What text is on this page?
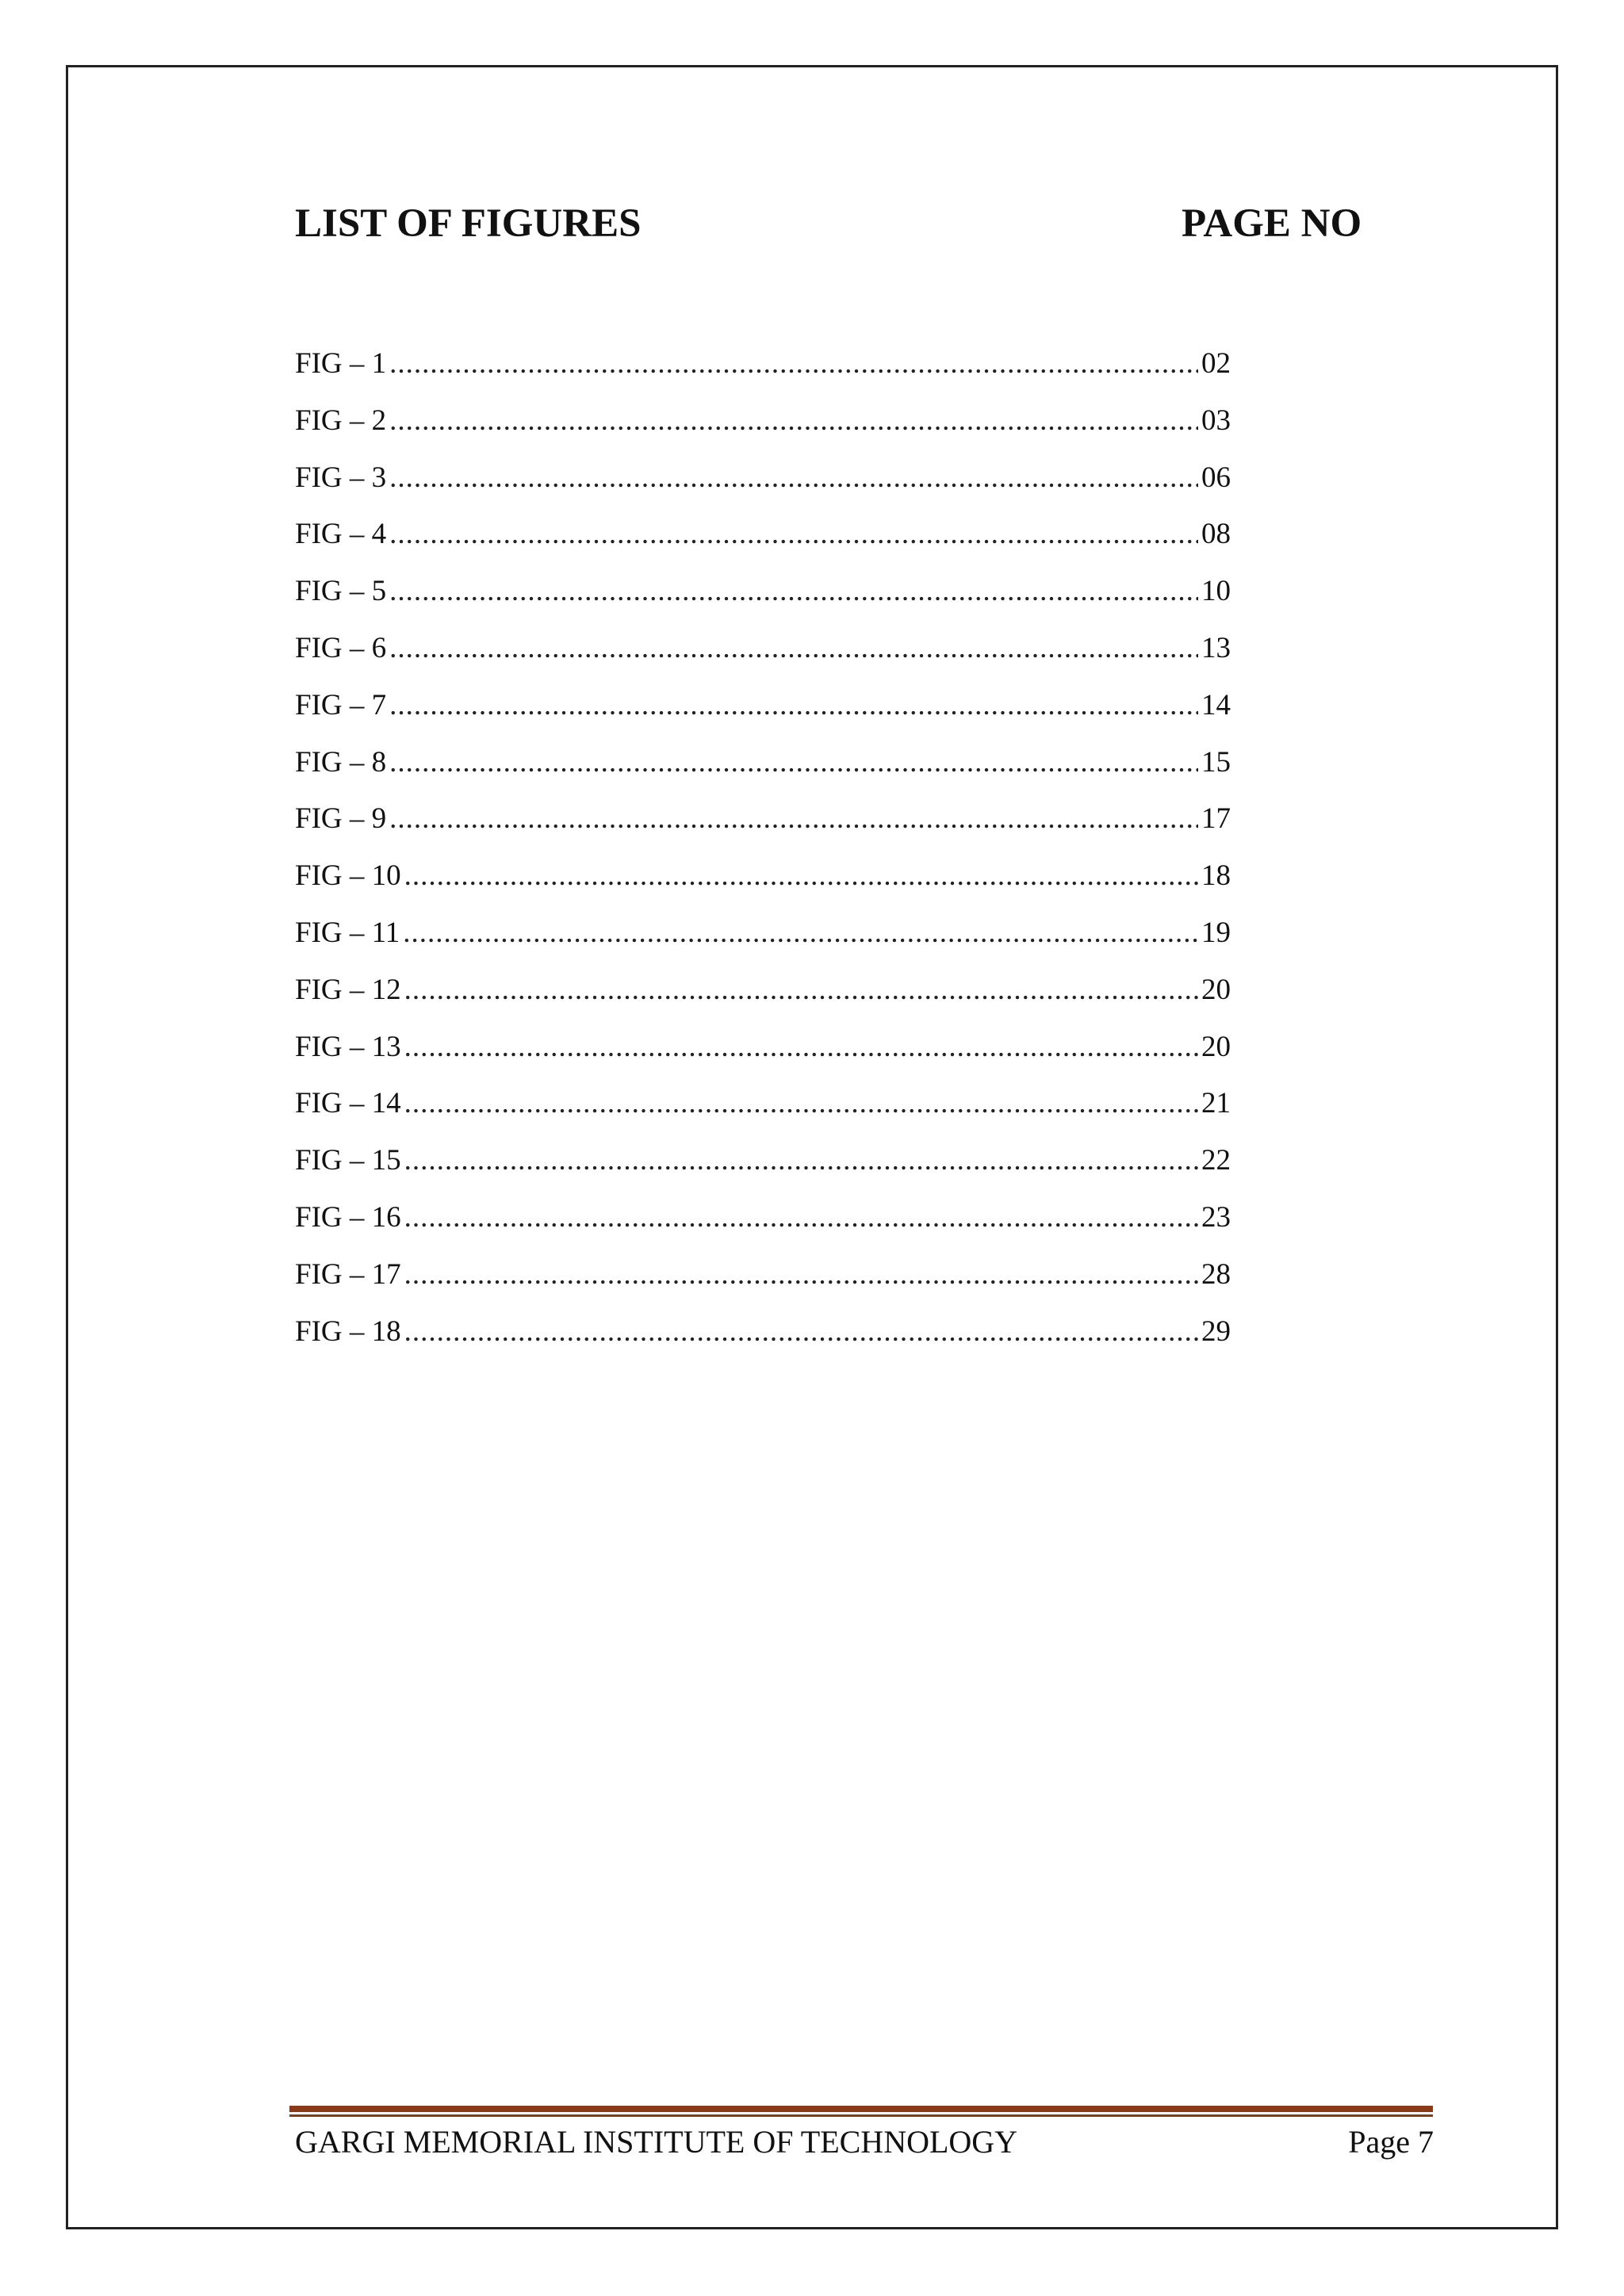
LIST OF FIGURES	PAGE NO
FIG – 1 .....	02
FIG – 2 .....	03
FIG – 3 .....	06
FIG – 4 .....	08
FIG – 5 .....	10
FIG – 6 .....	13
FIG – 7 .....	14
FIG – 8 .....	15
FIG – 9 .....	17
FIG – 10 .....	18
FIG – 11 .....	19
FIG – 12 .....	20
FIG – 13 .....	20
FIG – 14 .....	21
FIG – 15 .....	22
FIG – 16 .....	23
FIG – 17 .....	28
FIG – 18 .....	29
GARGI MEMORIAL INSTITUTE OF TECHNOLOGY	Page 7
